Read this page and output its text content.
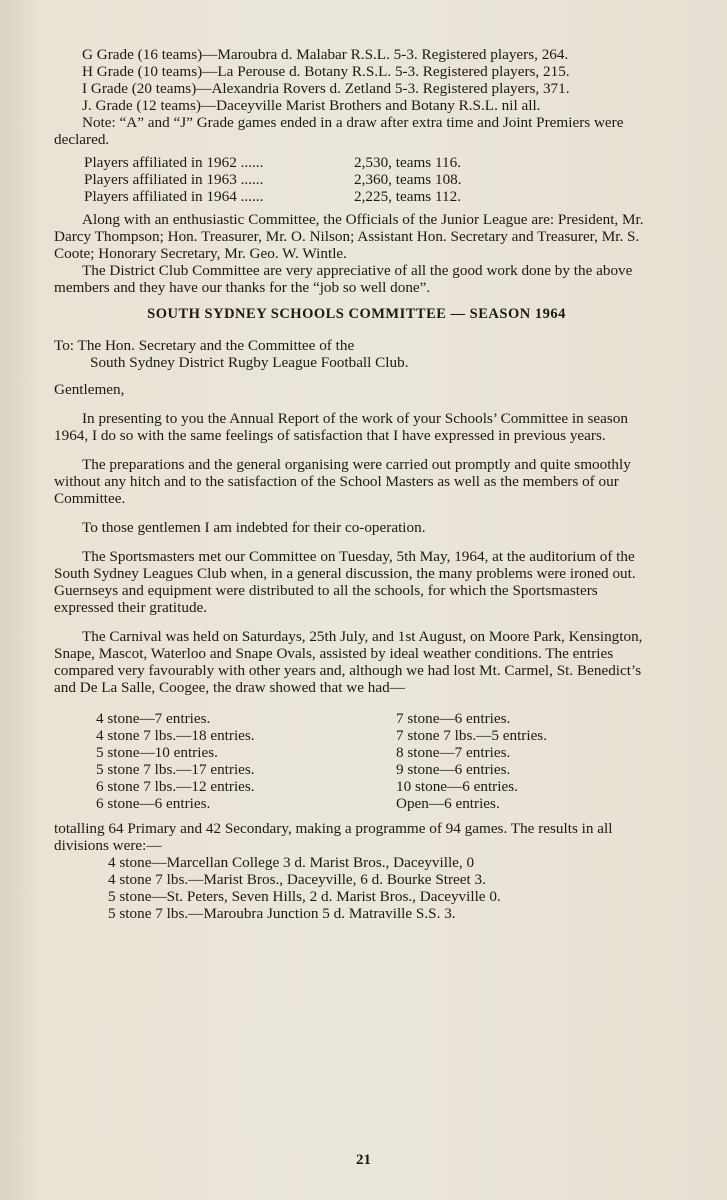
G Grade (16 teams)—Maroubra d. Malabar R.S.L. 5-3. Registered players, 264.

H Grade (10 teams)—La Perouse d. Botany R.S.L. 5-3. Registered players, 215.

I Grade (20 teams)—Alexandria Rovers d. Zetland 5-3. Registered players, 371.

J. Grade (12 teams)—Daceyville Marist Brothers and Botany R.S.L. nil all.

Note: “A” and “J” Grade games ended in a draw after extra time and Joint Premiers were declared.

Players affiliated in 1962 ......	2,530, teams 116.
Players affiliated in 1963 ......	2,360, teams 108.
Players affiliated in 1964 ......	2,225, teams 112.

Along with an enthusiastic Committee, the Officials of the Junior League are: President, Mr. Darcy Thompson; Hon. Treasurer, Mr. O. Nilson; Assistant Hon. Secretary and Treasurer, Mr. S. Coote; Honorary Secretary, Mr. Geo. W. Wintle.

The District Club Committee are very appreciative of all the good work done by the above members and they have our thanks for the “job so well done”.

SOUTH SYDNEY SCHOOLS COMMITTEE — SEASON 1964

To: The Hon. Secretary and the Committee of the

South Sydney District Rugby League Football Club.

Gentlemen,

In presenting to you the Annual Report of the work of your Schools’ Committee in season 1964, I do so with the same feelings of satisfaction that I have expressed in previous years.

The preparations and the general organising were carried out promptly and quite smoothly without any hitch and to the satisfaction of the School Masters as well as the members of our Committee.

To those gentlemen I am indebted for their co-operation.

The Sportsmasters met our Committee on Tuesday, 5th May, 1964, at the auditorium of the South Sydney Leagues Club when, in a general discussion, the many problems were ironed out. Guernseys and equipment were distributed to all the schools, for which the Sportsmasters expressed their gratitude.

The Carnival was held on Saturdays, 25th July, and 1st August, on Moore Park, Kensington, Snape, Mascot, Waterloo and Snape Ovals, assisted by ideal weather conditions. The entries compared very favourably with other years and, although we had lost Mt. Carmel, St. Benedict’s and De La Salle, Coogee, the draw showed that we had—

4 stone—7 entries.

4 stone 7 lbs.—18 entries.

5 stone—10 entries.

5 stone 7 lbs.—17 entries.

6 stone 7 lbs.—12 entries.

6 stone—6 entries.

7 stone—6 entries.

7 stone 7 lbs.—5 entries.

8 stone—7 entries.

9 stone—6 entries.

10 stone—6 entries.

Open—6 entries.

totalling 64 Primary and 42 Secondary, making a programme of 94 games. The results in all divisions were:—

4 stone—Marcellan College 3 d. Marist Bros., Daceyville, 0

4 stone 7 lbs.—Marist Bros., Daceyville, 6 d. Bourke Street 3.

5 stone—St. Peters, Seven Hills, 2 d. Marist Bros., Daceyville 0.

5 stone 7 lbs.—Maroubra Junction 5 d. Matraville S.S. 3.

21
